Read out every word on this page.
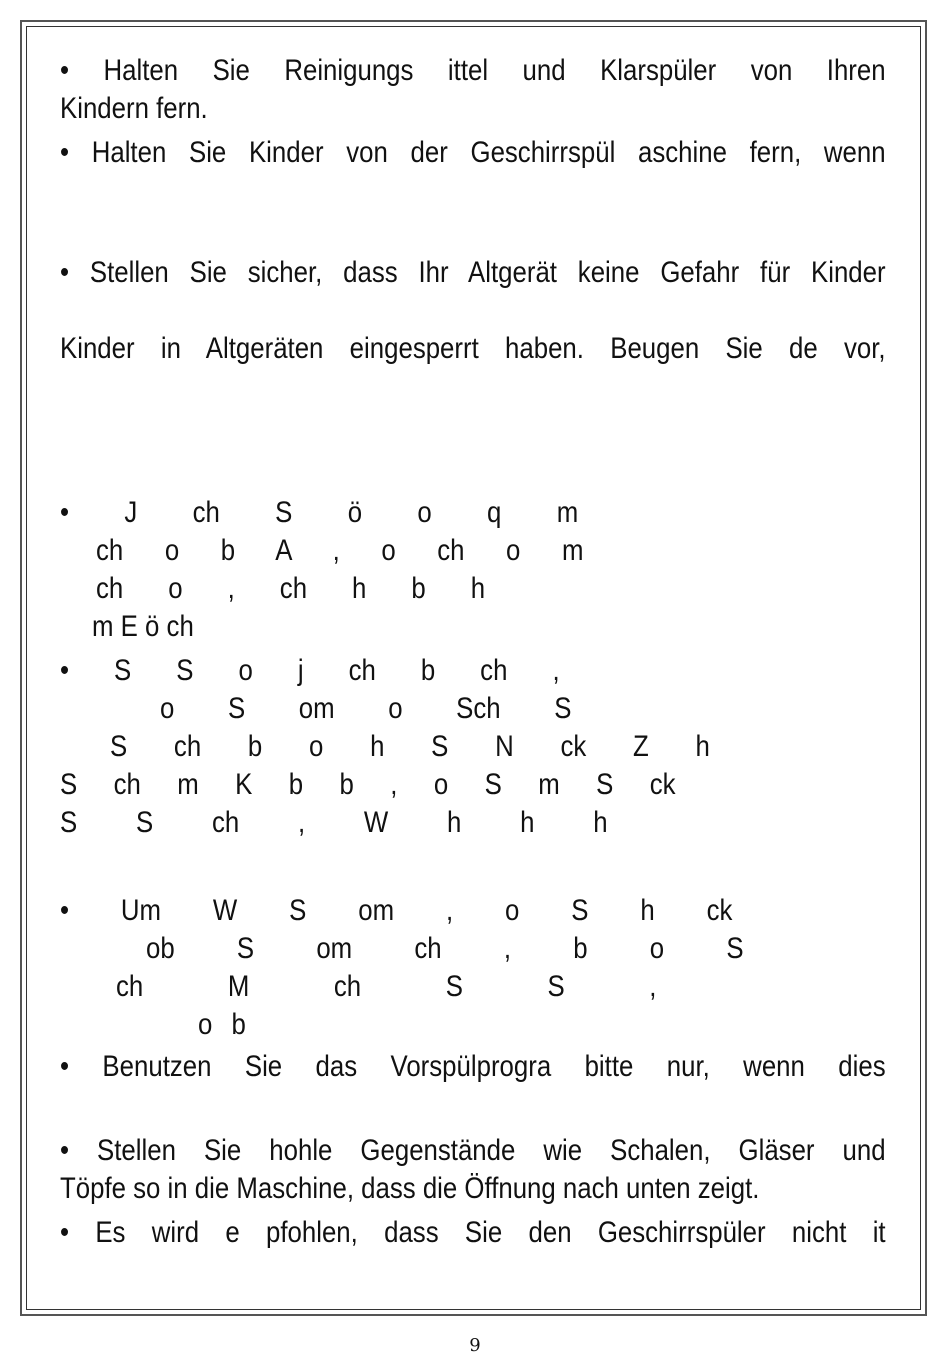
• Halten Sie Reinigungs ittel und Klarspüler von Ihren
Kindern fern.
• Halten Sie Kinder von der Geschirrspül aschine fern, wenn
• Stellen Sie sicher, dass Ihr Altgerät keine Gefahr für Kinder
Kinder in Altgeräten eingesperrt haben. Beugen Sie de vor,
• J ch S ö o q m
ch o b A , o ch o m
ch o , ch h b h
m E ö ch
• S S o j ch b ch ,
o S om o Sch S
S ch b o h S N ck Z h
S ch m K b b , o S m S ck
S S ch , W h h h
• Um W S om , o S h ck
ob S om ch , b o S
ch M ch S S ,
o b
• Benutzen Sie das Vorspülprogra bitte nur, wenn dies
• Stellen Sie hohle Gegenstände wie Schalen, Gläser und
Töpfe so in die Maschine, dass die Öffnung nach unten zeigt.
• Es wird e pfohlen, dass Sie den Geschirrspüler nicht it
9
